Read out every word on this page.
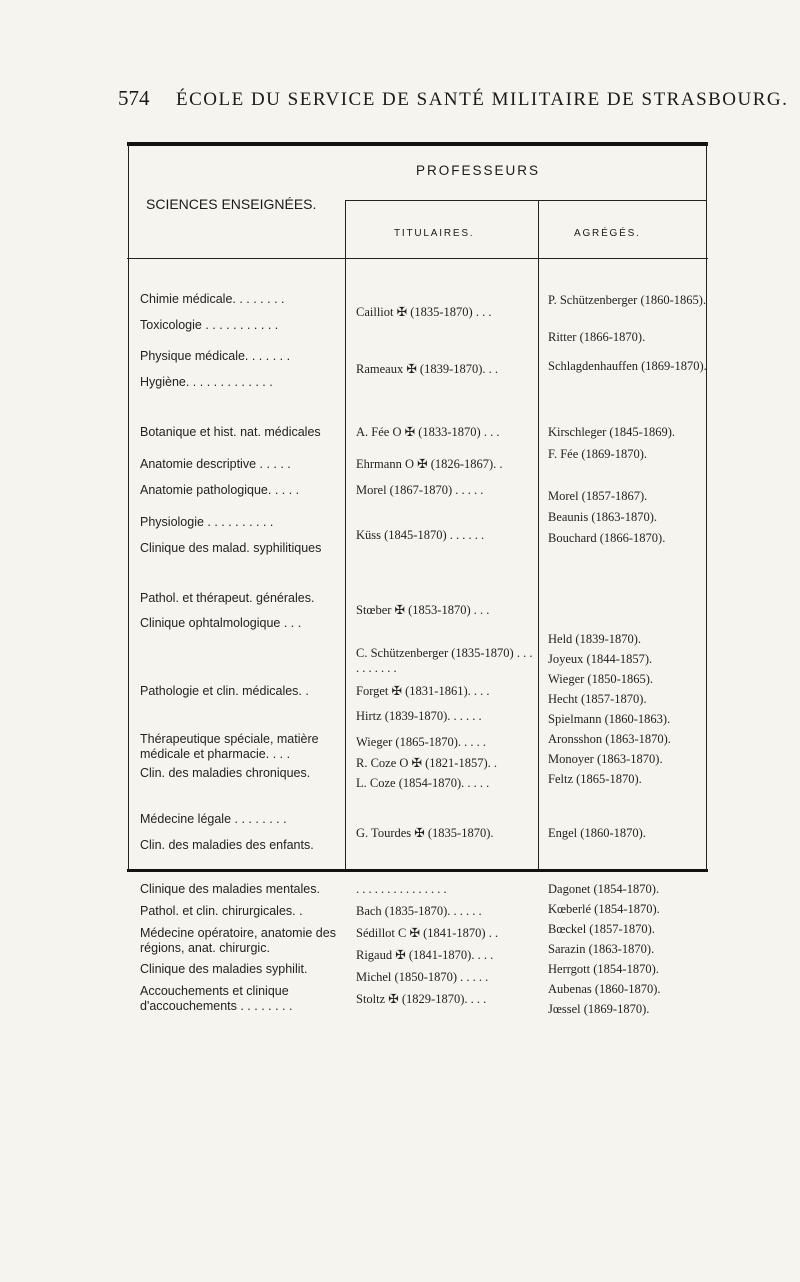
574 ÉCOLE DU SERVICE DE SANTÉ MILITAIRE DE STRASBOURG.
SCIENCES ENSEIGNÉES.
PROFESSEURS
TITULAIRES.	AGRÉGÉS.
Chimie médicale. . . . . . . .
Toxicologie . . . . . . . . . . .
Physique médicale. . . . . . .
Hygiène. . . . . . . . . . . . .
Botanique et hist. nat. médicales
Anatomie descriptive . . . . .
Anatomie pathologique. . . . .
Physiologie . . . . . . . . . .
Clinique des malad. syphilitiques
Pathol. et thérapeut. générales.
Clinique ophtalmologique . . .
Pathologie et clin. médicales. .
Thérapeutique spéciale, matière médicale et pharmacie. . . .
Clin. des maladies chroniques.
Médecine légale . . . . . . . .
Clin. des maladies des enfants.
Cailliot ✠ (1835-1870) . . .
Rameaux ✠ (1839-1870). . .
A. Fée O ✠ (1833-1870) . . .
Ehrmann O ✠ (1826-1867). .
Morel (1867-1870) . . . . .
Küss (1845-1870) . . . . . .
Stœber ✠ (1853-1870) . . .
C. Schützenberger (1835-1870) . . . . . . . . . .
Forget ✠ (1831-1861). . . .
Hirtz (1839-1870). . . . . .
Wieger (1865-1870). . . . .
R. Coze O ✠ (1821-1857). .
L. Coze (1854-1870). . . . .
G. Tourdes ✠ (1835-1870).
P. Schützenberger (1860-1865).
Ritter (1866-1870).
Schlagdenhauffen (1869-1870).
Kirschleger (1845-1869).
F. Fée (1869-1870).
Morel (1857-1867).
Beaunis (1863-1870).
Bouchard (1866-1870).
Held (1839-1870).
Joyeux (1844-1857).
Wieger (1850-1865).
Hecht (1857-1870).
Spielmann (1860-1863).
Aronsshon (1863-1870).
Monoyer (1863-1870).
Feltz (1865-1870).
Engel (1860-1870).
Clinique des maladies mentales.
Pathol. et clin. chirurgicales. .
Médecine opératoire, anatomie des régions, anat. chirurgic.
Clinique des maladies syphilit.
Accouchements et clinique d'accouchements . . . . . . . .
. . . . . . . . . . . . . . .
Bach (1835-1870). . . . . .
Sédillot C ✠ (1841-1870) . .
Rigaud ✠ (1841-1870). . . .
Michel (1850-1870) . . . . .
Stoltz ✠ (1829-1870). . . .
Dagonet (1854-1870).
Kœberlé (1854-1870).
Bœckel (1857-1870).
Sarazin (1863-1870).
Herrgott (1854-1870).
Aubenas (1860-1870).
Jœssel (1869-1870).
